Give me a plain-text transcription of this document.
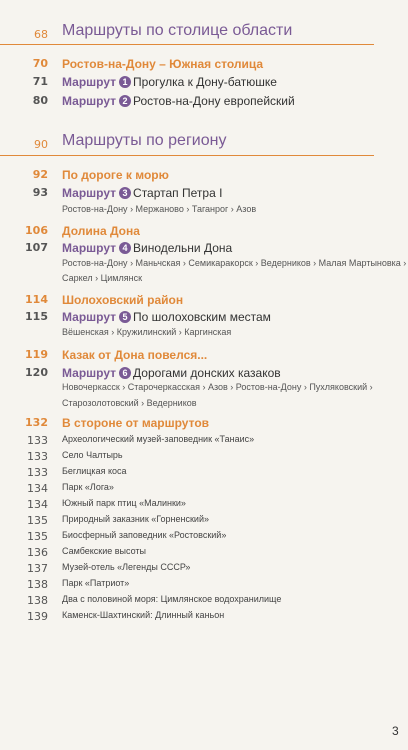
68 Маршруты по столице области
70 Ростов-на-Дону – Южная столица
71 Маршрут 1 Прогулка к Дону-батюшке
80 Маршрут 2 Ростов-на-Дону европейский
90 Маршруты по региону
92 По дороге к морю
93 Маршрут 3 Стартап Петра I
Ростов-на-Дону › Мержаново › Таганрог › Азов
106 Долина Дона
107 Маршрут 4 Винодельни Дона
Ростов-на-Дону › Маньчская › Семикаракорск › Ведерников › Малая Мартыновка ›
Саркел › Цимлянск
114 Шолоховский район
115 Маршрут 5 По шолоховским местам
Вёшенская › Кружилинский › Каргинская
119 Казак от Дона повелся...
120 Маршрут 6 Дорогами донских казаков
Новочеркасск › Старочеркасская › Азов › Ростов-на-Дону › Пухляковский ›
Старозолотовский › Ведерников
132 В стороне от маршрутов
133 Археологический музей-заповедник «Танаис»
133 Село Чалтырь
133 Беглицкая коса
134 Парк «Лога»
134 Южный парк птиц «Малинки»
135 Природный заказник «Горненский»
135 Биосферный заповедник «Ростовский»
136 Самбекские высоты
137 Музей-отель «Легенды СССР»
138 Парк «Патриот»
138 Два с половиной моря: Цимлянское водохранилище
139 Каменск-Шахтинский: Длинный каньон
3
